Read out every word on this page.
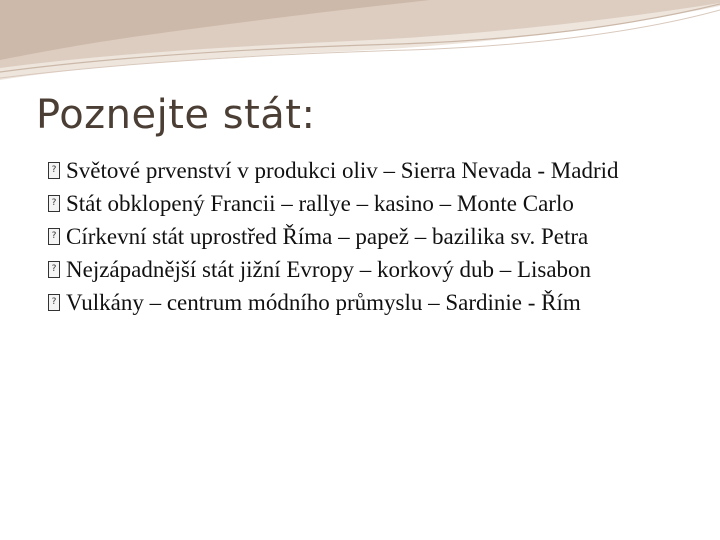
Poznejte stát:
? Světové prvenství v produkci oliv – Sierra Nevada - Madrid
? Stát obklopený Francii – rallye – kasino – Monte Carlo
? Církevní stát uprostřed Říma – papež – bazilika sv. Petra
? Nejzápadnější stát jižní Evropy – korkový dub – Lisabon
? Vulkány – centrum módního průmyslu – Sardinie - Řím
